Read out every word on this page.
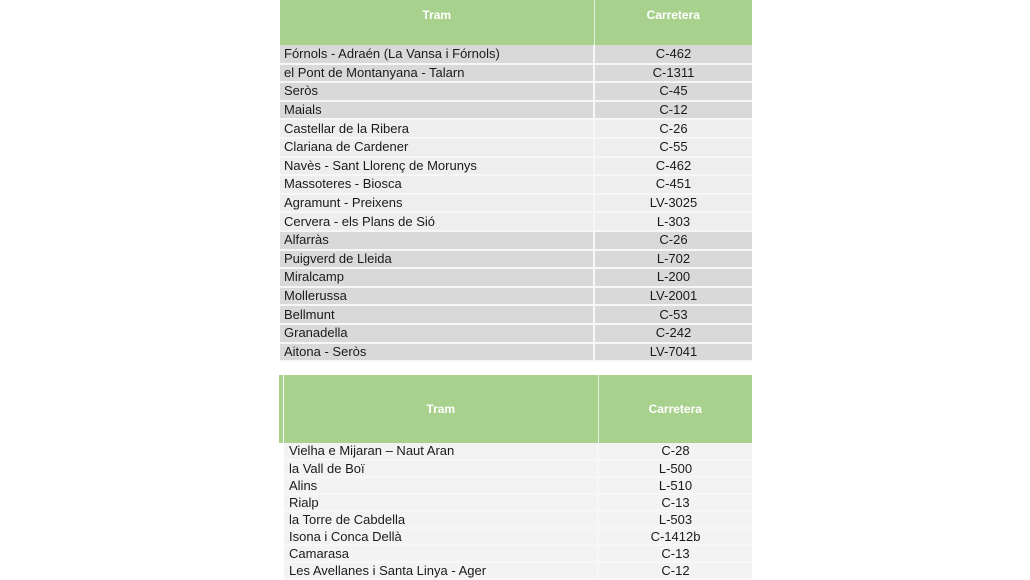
Tram	Carretera
Fórnols - Adraén (La Vansa i Fórnols)	C-462
el Pont de Montanyana - Talarn	C-1311
Seròs	C-45
Maials	C-12
Castellar de la Ribera	C-26
Clariana de Cardener	C-55
Navès - Sant Llorenç de Morunys	C-462
Massoteres - Biosca	C-451
Agramunt - Preixens	LV-3025
Cervera - els Plans de Sió	L-303
Alfarràs	C-26
Puigverd de Lleida	L-702
Miralcamp	L-200
Mollerussa	LV-2001
Bellmunt	C-53
Granadella	C-242
Aitona - Seròs	LV-7041
Tram	Carretera
Vielha e Mijaran – Naut Aran	C-28
la Vall de Boï	L-500
Alins	L-510
Rialp	C-13
la Torre de Cabdella	L-503
Isona i Conca Dellà	C-1412b
Camarasa	C-13
Les Avellanes i Santa Linya - Ager	C-12
